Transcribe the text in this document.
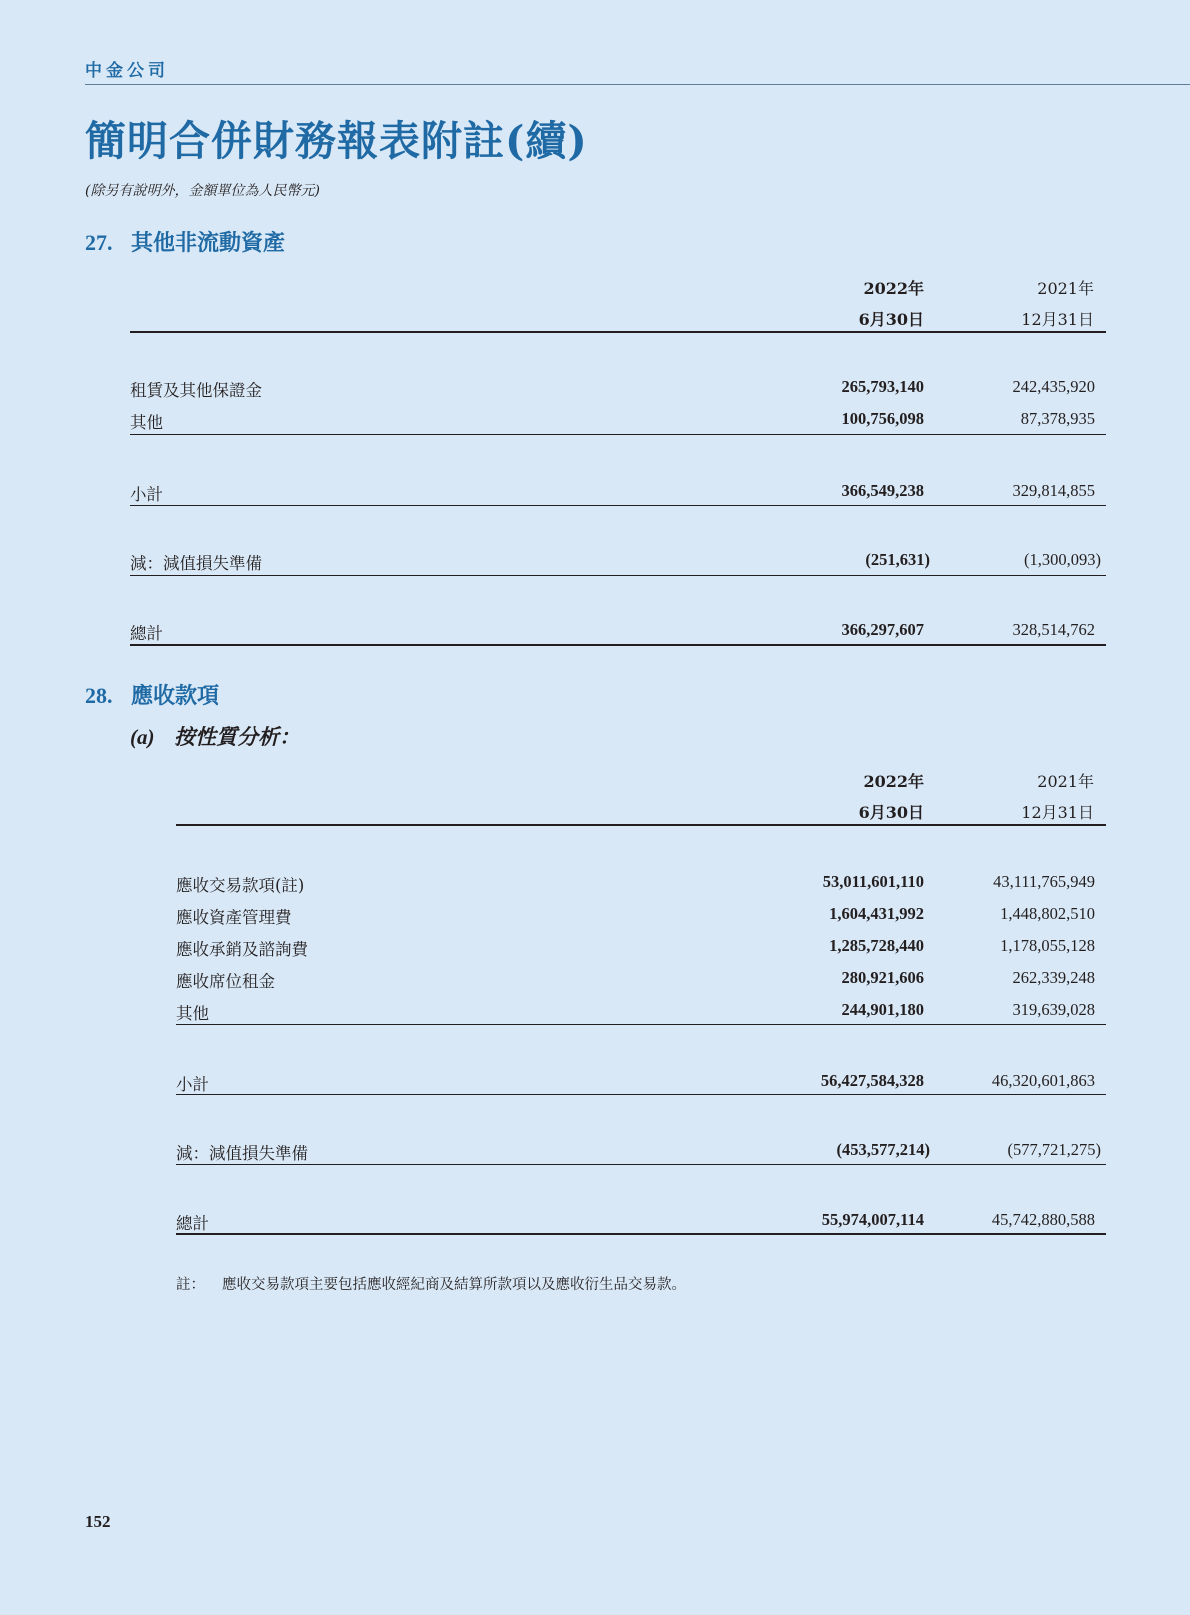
中金公司
簡明合併財務報表附註(續)
(除另有說明外，金額單位為人民幣元)
27. 其他非流動資產
2022年	2021年
6月30日	12月31日
租賃及其他保證金	265,793,140	242,435,920
其他	100,756,098	87,378,935
小計	366,549,238	329,814,855
減：減值損失準備	(251,631)	(1,300,093)
總計	366,297,607	328,514,762
28. 應收款項
(a) 按性質分析：
2022年	2021年
6月30日	12月31日
應收交易款項(註)	53,011,601,110	43,111,765,949
應收資產管理費	1,604,431,992	1,448,802,510
應收承銷及諮詢費	1,285,728,440	1,178,055,128
應收席位租金	280,921,606	262,339,248
其他	244,901,180	319,639,028
小計	56,427,584,328	46,320,601,863
減：減值損失準備	(453,577,214)	(577,721,275)
總計	55,974,007,114	45,742,880,588
註： 應收交易款項主要包括應收經紀商及結算所款項以及應收衍生品交易款。
152
